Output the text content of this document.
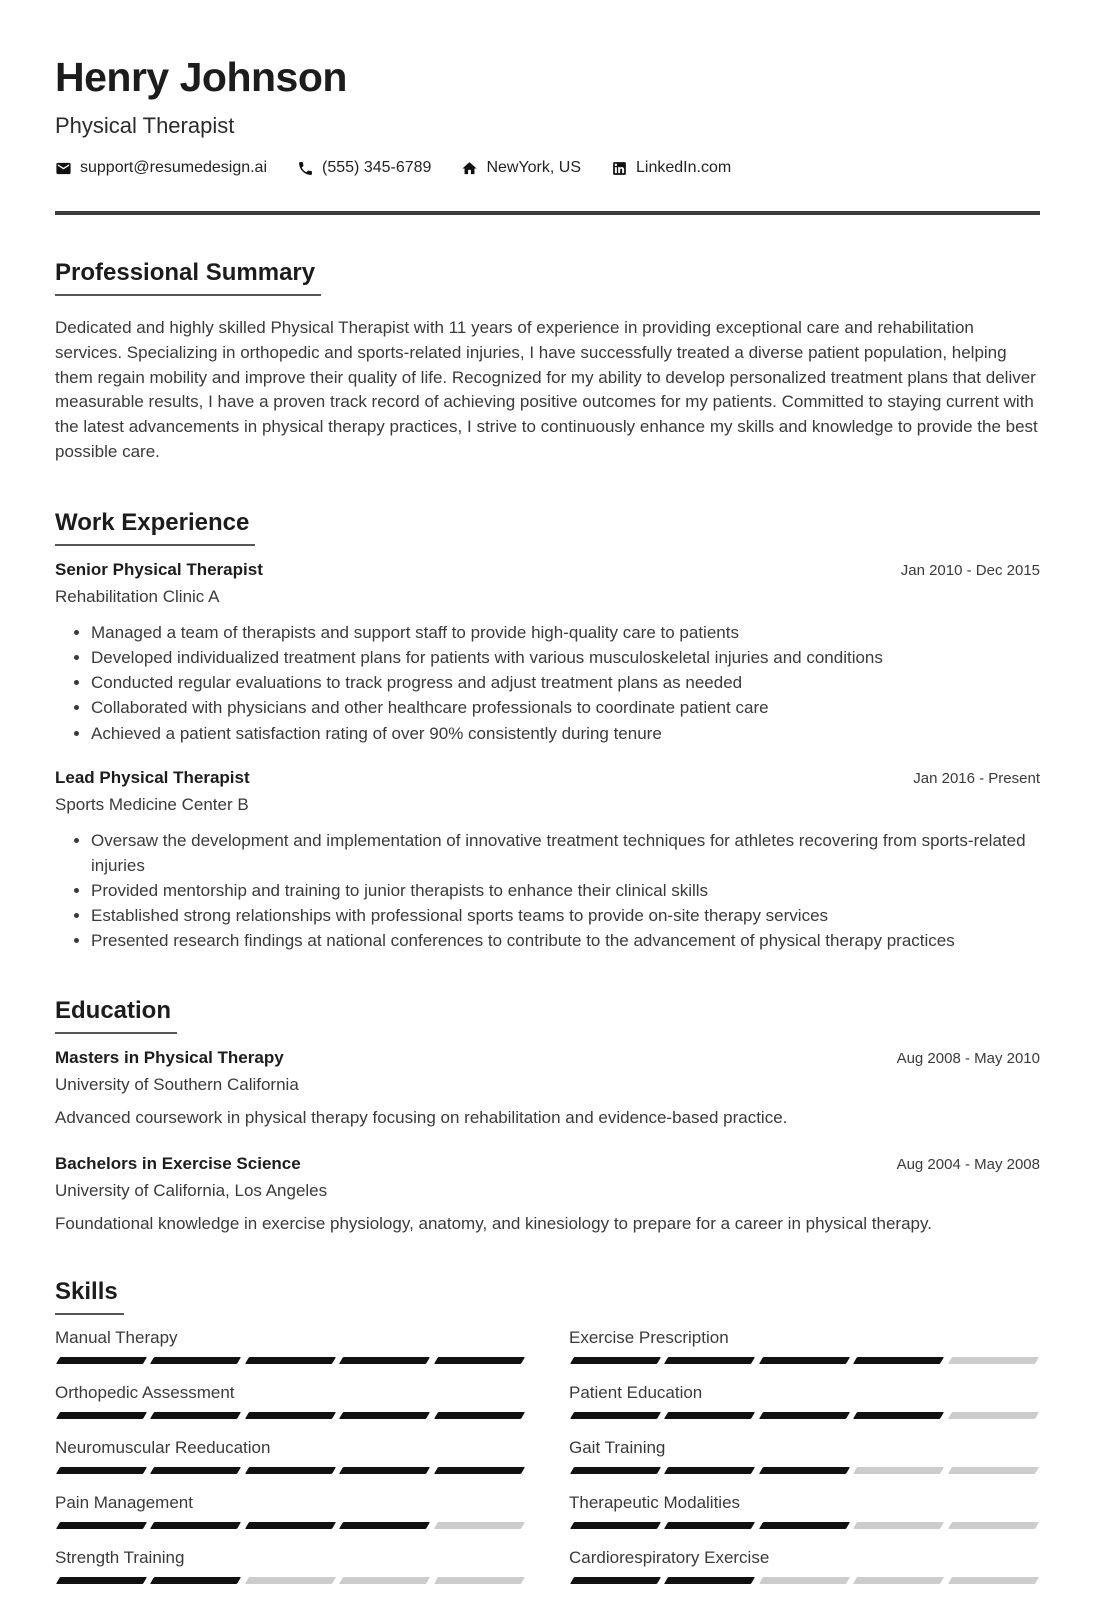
Henry Johnson
Physical Therapist
support@resumedesign.ai	(555) 345-6789	NewYork, US	LinkedIn.com
Professional Summary

Dedicated and highly skilled Physical Therapist with 11 years of experience in providing exceptional care and rehabilitation services. Specializing in orthopedic and sports-related injuries, I have successfully treated a diverse patient population, helping them regain mobility and improve their quality of life. Recognized for my ability to develop personalized treatment plans that deliver measurable results, I have a proven track record of achieving positive outcomes for my patients. Committed to staying current with the latest advancements in physical therapy practices, I strive to continuously enhance my skills and knowledge to provide the best possible care.

Work Experience
Senior Physical Therapist	Jan 2010 - Dec 2015
Rehabilitation Clinic A
• Managed a team of therapists and support staff to provide high-quality care to patients
• Developed individualized treatment plans for patients with various musculoskeletal injuries and conditions
• Conducted regular evaluations to track progress and adjust treatment plans as needed
• Collaborated with physicians and other healthcare professionals to coordinate patient care
• Achieved a patient satisfaction rating of over 90% consistently during tenure
Lead Physical Therapist	Jan 2016 - Present
Sports Medicine Center B
• Oversaw the development and implementation of innovative treatment techniques for athletes recovering from sports-related injuries
• Provided mentorship and training to junior therapists to enhance their clinical skills
• Established strong relationships with professional sports teams to provide on-site therapy services
• Presented research findings at national conferences to contribute to the advancement of physical therapy practices
Education
Masters in Physical Therapy	Aug 2008 - May 2010
University of Southern California

Advanced coursework in physical therapy focusing on rehabilitation and evidence-based practice.

Bachelors in Exercise Science	Aug 2004 - May 2008
University of California, Los Angeles

Foundational knowledge in exercise physiology, anatomy, and kinesiology to prepare for a career in physical therapy.

Skills
Manual Therapy	Exercise Prescription
Orthopedic Assessment	Patient Education
Neuromuscular Reeducation	Gait Training
Pain Management	Therapeutic Modalities
Strength Training	Cardiorespiratory Exercise
